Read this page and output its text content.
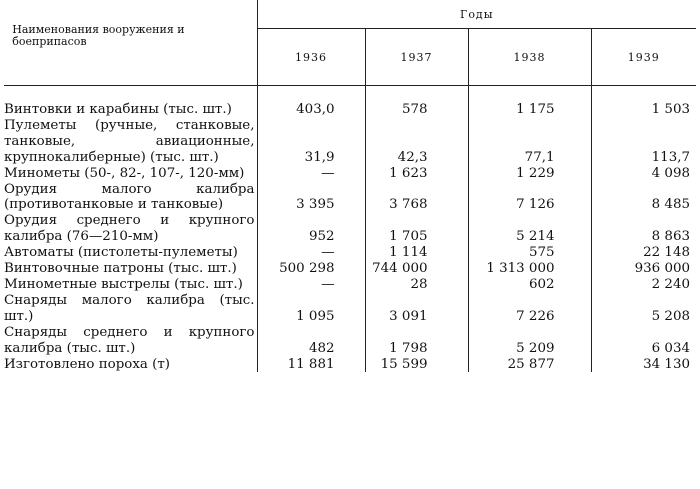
Наименования вооружения и боеприпасов	Годы			
	1936	1937	1938	1939
Винтовки и карабины (тыс. шт.)	403,0	578	1 175	1 503
Пулеметы (ручные, станковые, танковые, авиационные, крупнокалиберные) (тыс. шт.)	31,9	42,3	77,1	113,7
Минометы (50-, 82-, 107-, 120-мм)	—	1 623	1 229	4 098
Орудия малого калибра (противотанковые и танковые)	3 395	3 768	7 126	8 485
Орудия среднего и крупного калибра (76—210-мм)	952	1 705	5 214	8 863
Автоматы (пистолеты-пулеметы)	—	1 114	575	22 148
Винтовочные патроны (тыс. шт.)	500 298	744 000	1 313 000	936 000
Минометные выстрелы (тыс. шт.)	—	28	602	2 240
Снаряды малого калибра (тыс. шт.)	1 095	3 091	7 226	5 208
Снаряды среднего и крупного калибра (тыс. шт.)	482	1 798	5 209	6 034
Изготовлено пороха (т)	11 881	15 599	25 877	34 130
